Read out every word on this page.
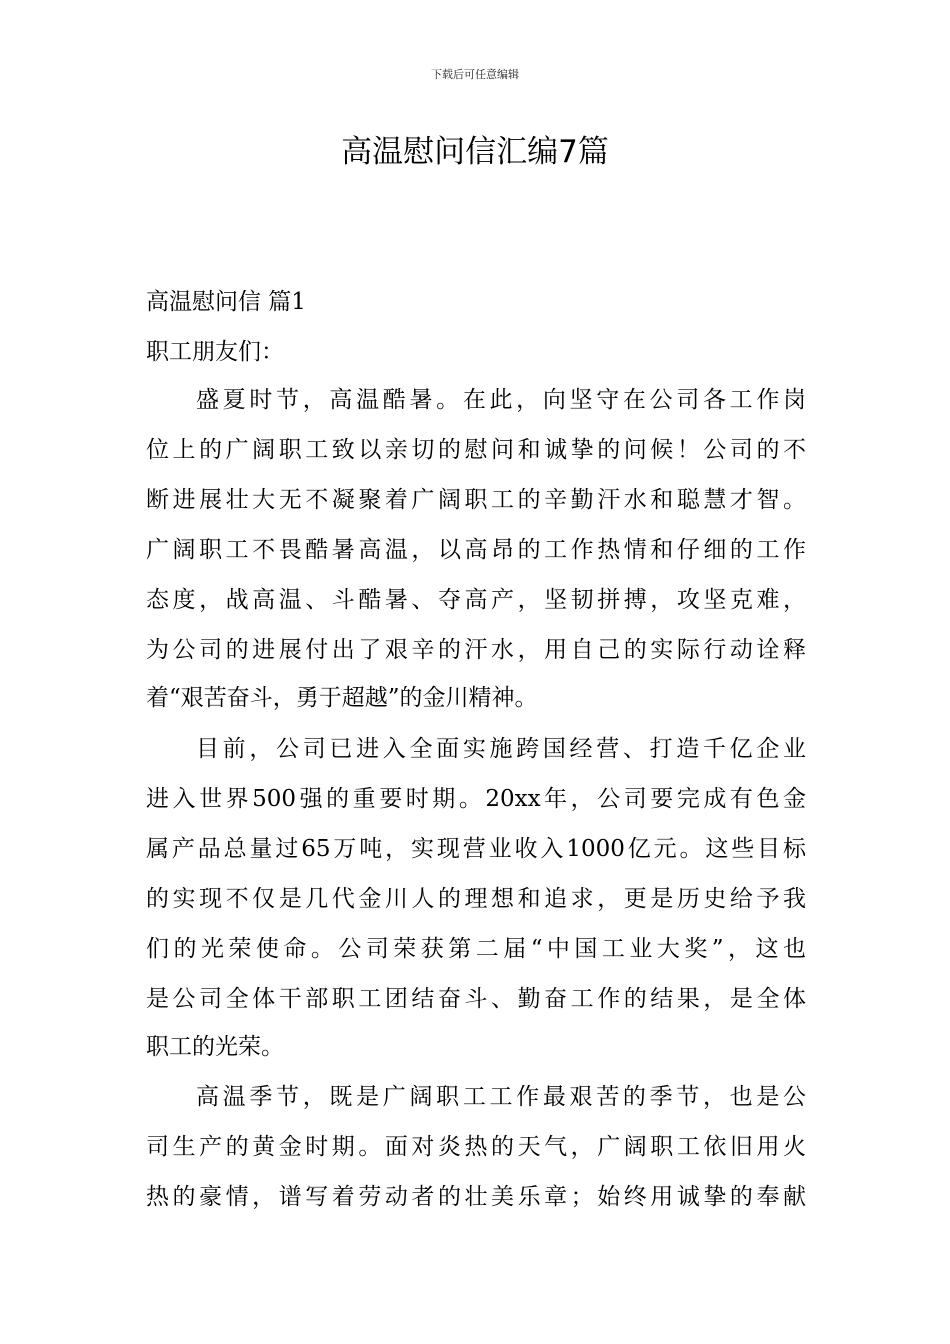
下载后可任意编辑
高温慰问信汇编7篇
高温慰问信 篇1
职工朋友们：
盛夏时节，高温酷暑。在此，向坚守在公司各工作岗
位上的广阔职工致以亲切的慰问和诚挚的问候！公司的不
断进展壮大无不凝聚着广阔职工的辛勤汗水和聪慧才智。
广阔职工不畏酷暑高温，以高昂的工作热情和仔细的工作
态度，战高温、斗酷暑、夺高产，坚韧拼搏，攻坚克难，
为公司的进展付出了艰辛的汗水，用自己的实际行动诠释
着“艰苦奋斗，勇于超越”的金川精神。
目前，公司已进入全面实施跨国经营、打造千亿企业
进入世界500强的重要时期。20xx年，公司要完成有色金
属产品总量过65万吨，实现营业收入1000亿元。这些目标
的实现不仅是几代金川人的理想和追求，更是历史给予我
们的光荣使命。公司荣获第二届“中国工业大奖”，这也
是公司全体干部职工团结奋斗、勤奋工作的结果，是全体
职工的光荣。
高温季节，既是广阔职工工作最艰苦的季节，也是公
司生产的黄金时期。面对炎热的天气，广阔职工依旧用火
热的豪情，谱写着劳动者的壮美乐章；始终用诚挚的奉献
